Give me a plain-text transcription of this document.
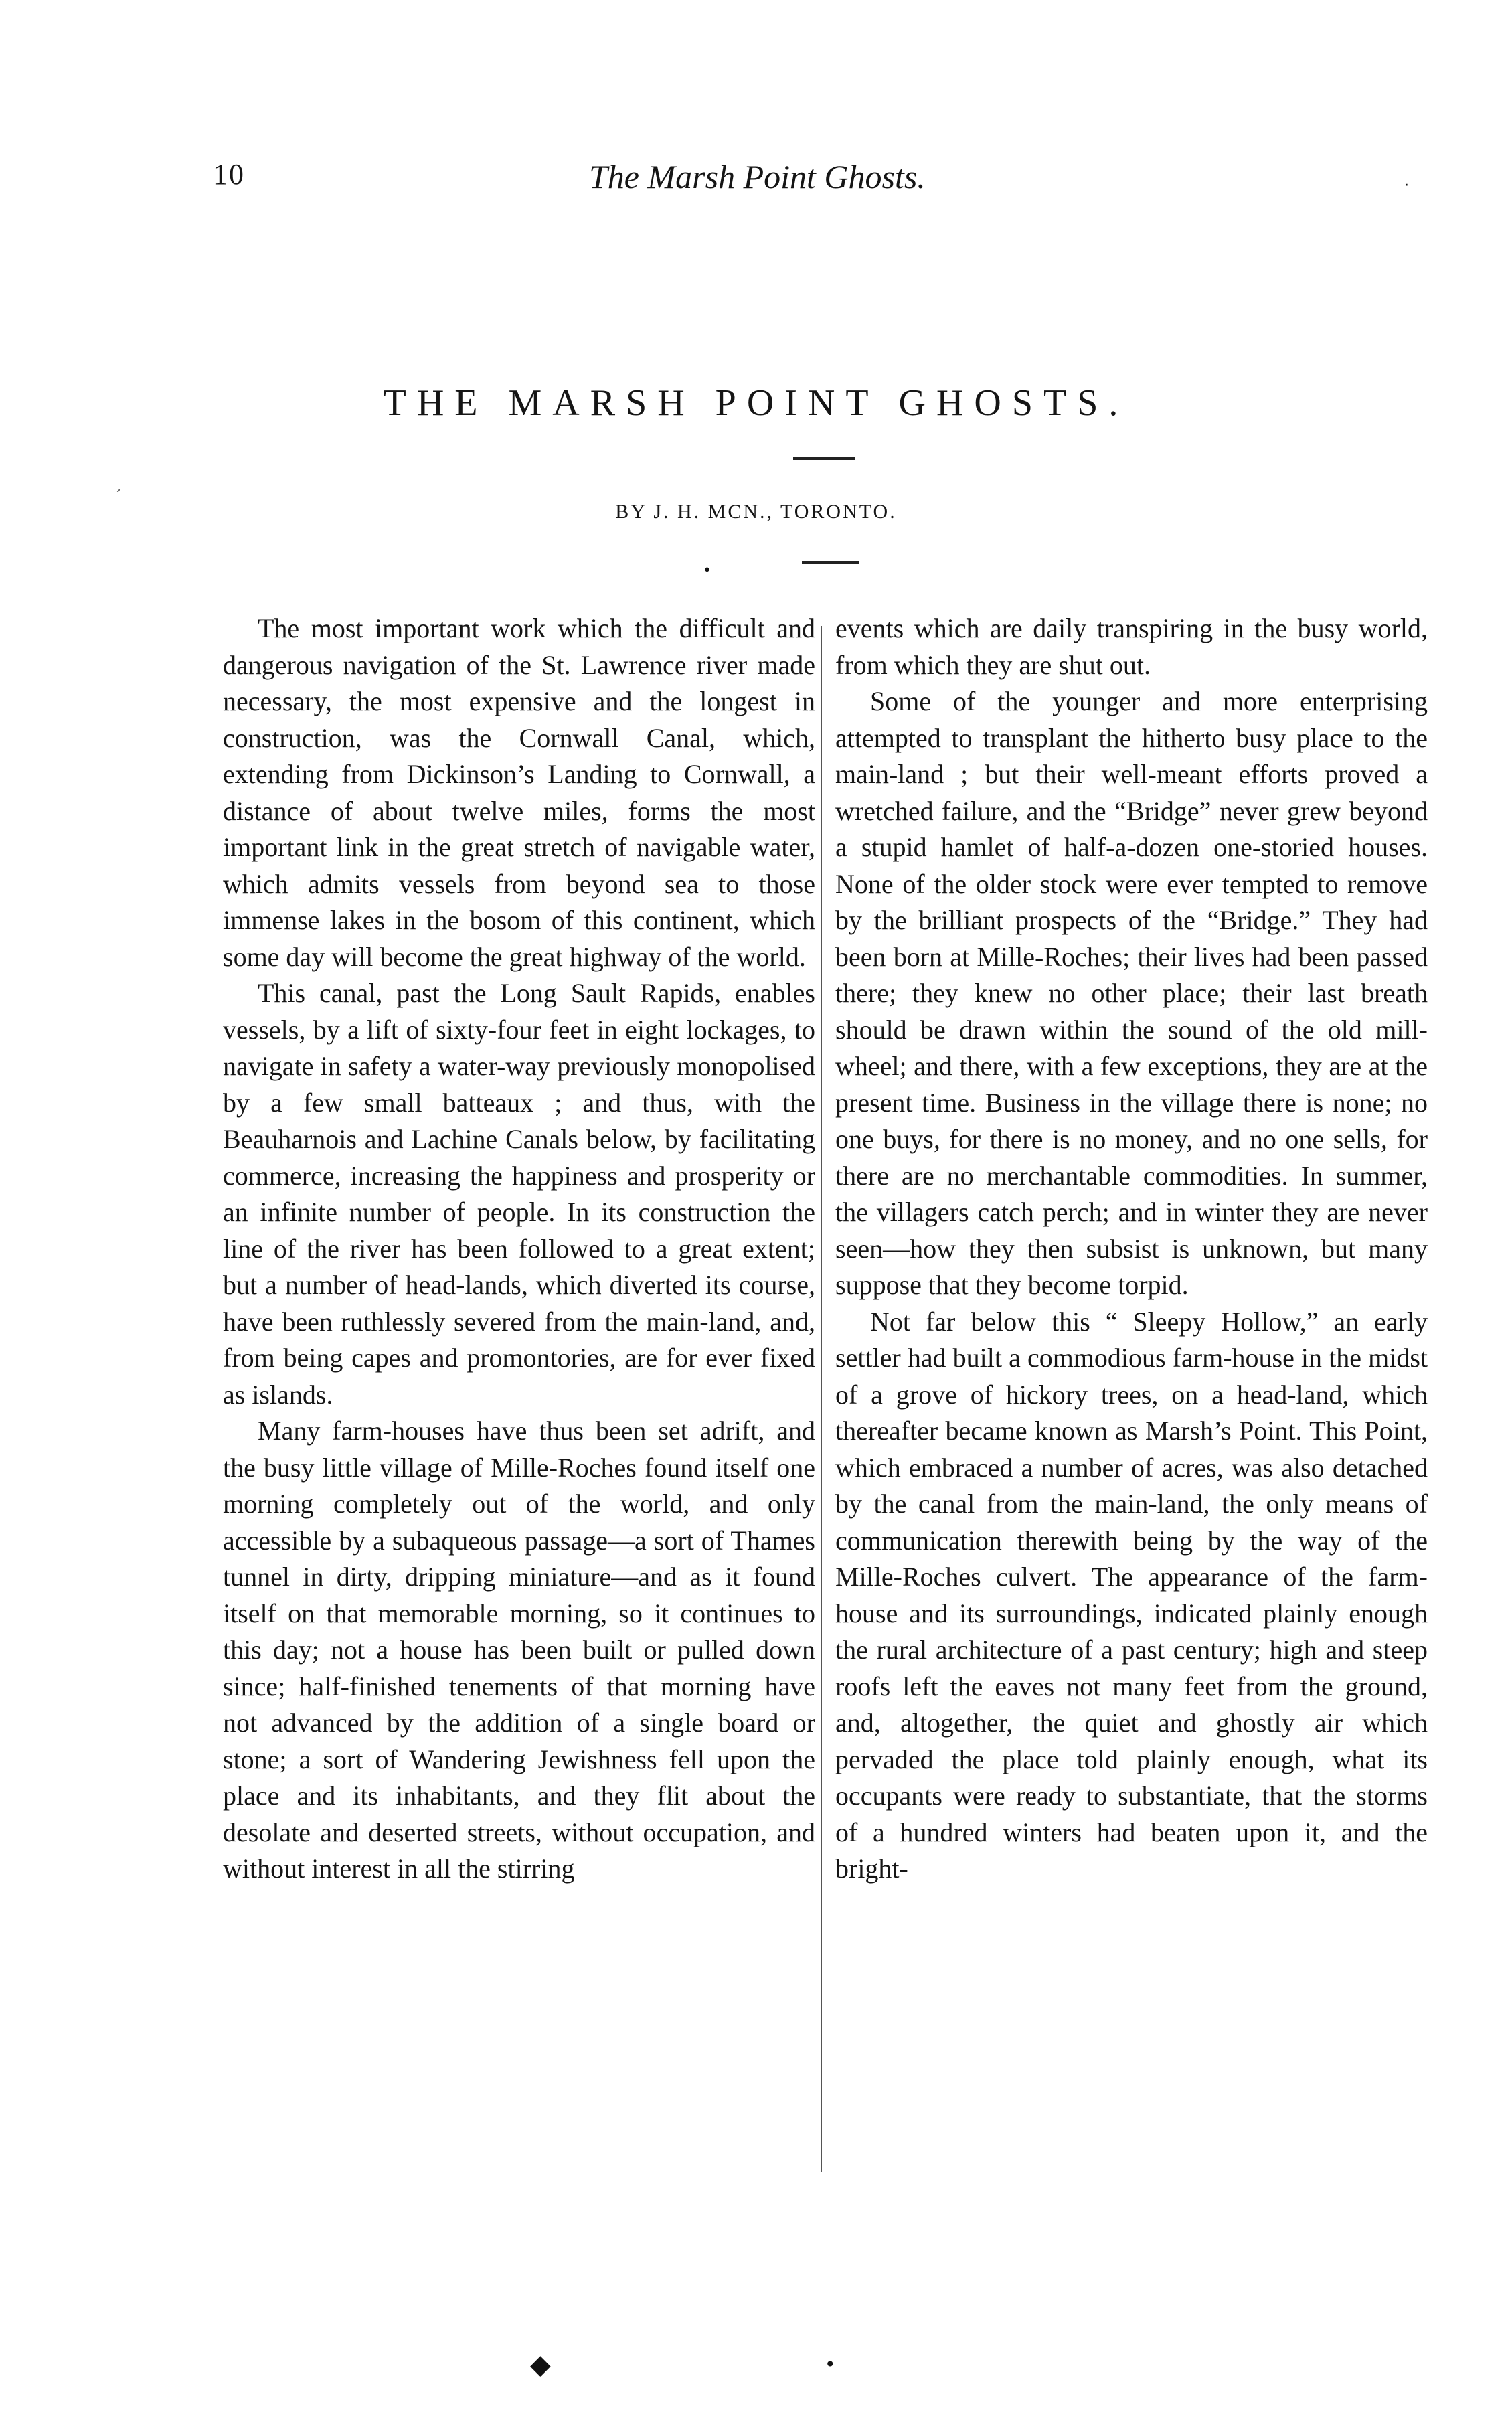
10	The Marsh Point Ghosts.	·
ˊ
THE MARSH POINT GHOSTS.
BY J. H. MCN., TORONTO.
•

The most important work which the difficult and dangerous navigation of the St. Lawrence river made necessary, the most expensive and the longest in construction, was the Cornwall Canal, which, extending from Dickinson’s Landing to Cornwall, a distance of about twelve miles, forms the most important link in the great stretch of navigable water, which admits vessels from beyond sea to those immense lakes in the bosom of this continent, which some day will become the great highway of the world.

This canal, past the Long Sault Rapids, enables vessels, by a lift of sixty-four feet in eight lockages, to navigate in safety a water-way previously monopolised by a few small batteaux ; and thus, with the Beauharnois and Lachine Canals below, by facilitating commerce, increasing the happiness and prosperity or an infinite number of people. In its construction the line of the river has been followed to a great extent; but a number of head-lands, which diverted its course, have been ruthlessly severed from the main-land, and, from being capes and promontories, are for ever fixed as islands.

Many farm-houses have thus been set adrift, and the busy little village of Mille-Roches found itself one morning completely out of the world, and only accessible by a subaqueous passage—a sort of Thames tunnel in dirty, dripping miniature—and as it found itself on that memorable morning, so it continues to this day; not a house has been built or pulled down since; half-finished tenements of that morning have not advanced by the addition of a single board or stone; a sort of Wandering Jewishness fell upon the place and its inhabitants, and they flit about the desolate and deserted streets, without occupation, and without interest in all the stirring

events which are daily transpiring in the busy world, from which they are shut out.

Some of the younger and more enterprising attempted to transplant the hitherto busy place to the main-land ; but their well-meant efforts proved a wretched failure, and the “Bridge” never grew beyond a stupid hamlet of half-a-dozen one-storied houses. None of the older stock were ever tempted to remove by the brilliant prospects of the “Bridge.” They had been born at Mille-Roches; their lives had been passed there; they knew no other place; their last breath should be drawn within the sound of the old mill-wheel; and there, with a few exceptions, they are at the present time. Business in the village there is none; no one buys, for there is no money, and no one sells, for there are no merchantable commodities. In summer, the villagers catch perch; and in winter they are never seen—how they then subsist is unknown, but many suppose that they become torpid.

Not far below this “ Sleepy Hollow,” an early settler had built a commodious farm-house in the midst of a grove of hickory trees, on a head-land, which thereafter became known as Marsh’s Point. This Point, which embraced a number of acres, was also detached by the canal from the main-land, the only means of communication therewith being by the way of the Mille-Roches culvert. The appearance of the farm-house and its surroundings, indicated plainly enough the rural architecture of a past century; high and steep roofs left the eaves not many feet from the ground, and, altogether, the quiet and ghostly air which pervaded the place told plainly enough, what its occupants were ready to substantiate, that the storms of a hundred winters had beaten upon it, and the bright-

◆	•
